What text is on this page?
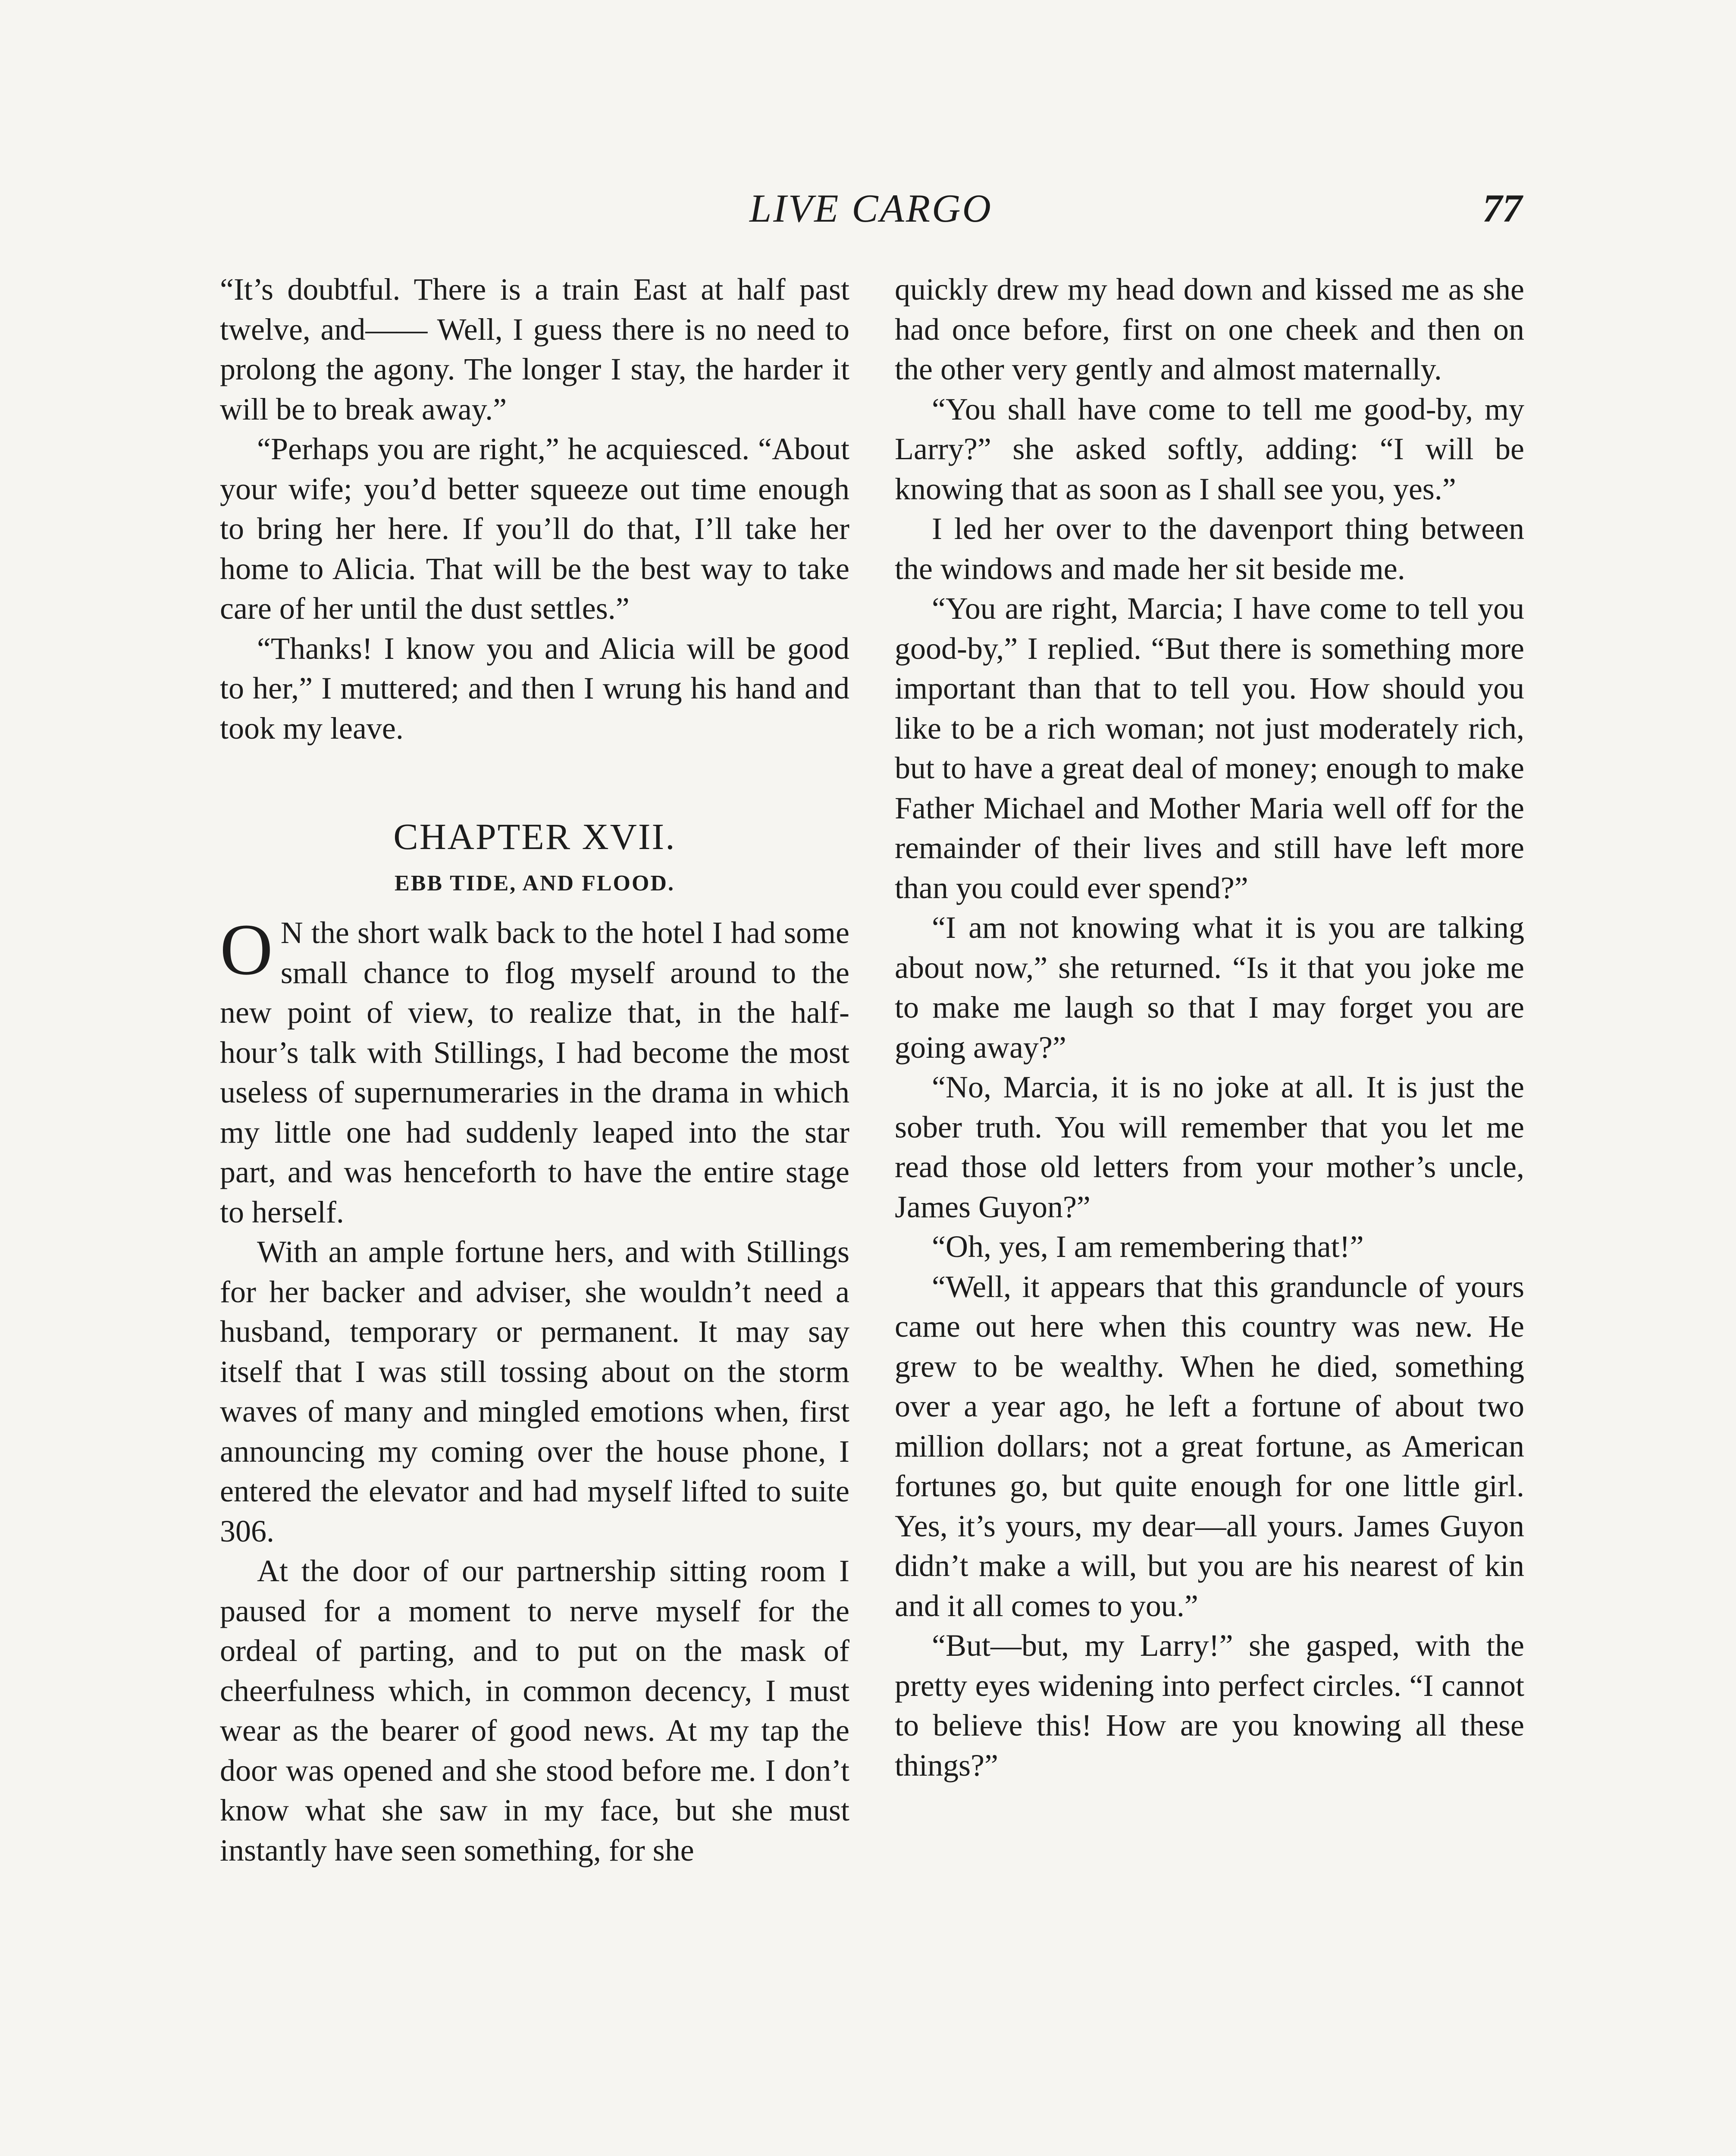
LIVE CARGO	77

“It’s doubtful. There is a train East at half past twelve, and—— Well, I guess there is no need to prolong the agony. The longer I stay, the harder it will be to break away.”

“Perhaps you are right,” he acquiesced. “About your wife; you’d better squeeze out time enough to bring her here. If you’ll do that, I’ll take her home to Alicia. That will be the best way to take care of her until the dust settles.”

“Thanks! I know you and Alicia will be good to her,” I muttered; and then I wrung his hand and took my leave.

CHAPTER XVII.
EBB TIDE, AND FLOOD.

O N the short walk back to the hotel I had some small chance to flog myself around to the new point of view, to realize that, in the half-hour’s talk with Stillings, I had become the most useless of supernumeraries in the drama in which my little one had suddenly leaped into the star part, and was henceforth to have the entire stage to herself.

With an ample fortune hers, and with Stillings for her backer and adviser, she wouldn’t need a husband, temporary or permanent. It may say itself that I was still tossing about on the storm waves of many and mingled emotions when, first announcing my coming over the house phone, I entered the elevator and had myself lifted to suite 306.

At the door of our partnership sitting room I paused for a moment to nerve myself for the ordeal of parting, and to put on the mask of cheerfulness which, in common decency, I must wear as the bearer of good news. At my tap the door was opened and she stood before me. I don’t know what she saw in my face, but she must instantly have seen something, for she

quickly drew my head down and kissed me as she had once before, first on one cheek and then on the other very gently and almost maternally.

“You shall have come to tell me good-by, my Larry?” she asked softly, adding: “I will be knowing that as soon as I shall see you, yes.”

I led her over to the davenport thing between the windows and made her sit beside me.

“You are right, Marcia; I have come to tell you good-by,” I replied. “But there is something more important than that to tell you. How should you like to be a rich woman; not just moderately rich, but to have a great deal of money; enough to make Father Michael and Mother Maria well off for the remainder of their lives and still have left more than you could ever spend?”

“I am not knowing what it is you are talking about now,” she returned. “Is it that you joke me to make me laugh so that I may forget you are going away?”

“No, Marcia, it is no joke at all. It is just the sober truth. You will remember that you let me read those old letters from your mother’s uncle, James Guyon?”

“Oh, yes, I am remembering that!”

“Well, it appears that this granduncle of yours came out here when this country was new. He grew to be wealthy. When he died, something over a year ago, he left a fortune of about two million dollars; not a great fortune, as American fortunes go, but quite enough for one little girl. Yes, it’s yours, my dear—all yours. James Guyon didn’t make a will, but you are his nearest of kin and it all comes to you.”

“But—but, my Larry!” she gasped, with the pretty eyes widening into perfect circles. “I cannot to believe this! How are you knowing all these things?”
